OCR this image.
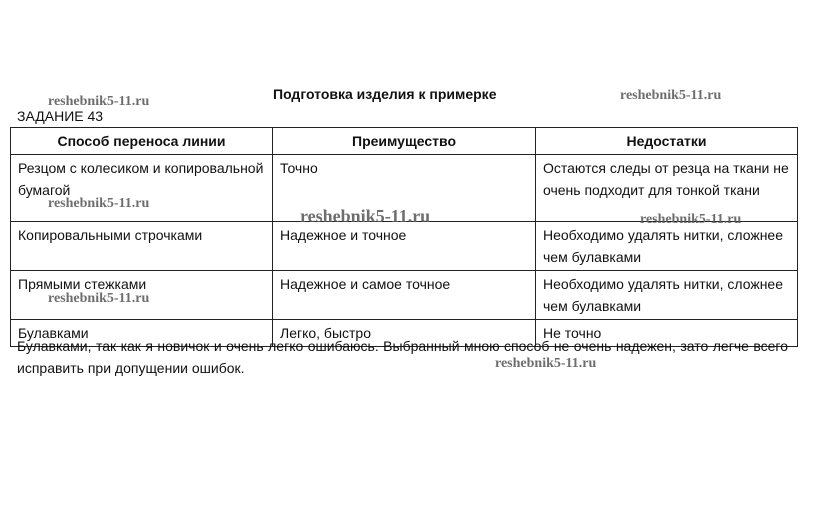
Подготовка изделия к примерке
ЗАДАНИЕ 43
Способ переноса линии	Преимущество	Недостатки
Резцом с колесиком и копировальной бумагой	Точно	Остаются следы от резца на ткани не очень подходит для тонкой ткани
Копировальными строчками	Надежное и точное	Необходимо удалять нитки, сложнее чем булавками
Прямыми стежками	Надежное и самое точное	Необходимо удалять нитки, сложнее чем булавками
Булавками	Легко, быстро	Не точно
Булавками, так как я новичок и очень легко ошибаюсь. Выбранный мною способ не очень надежен, зато легче всего исправить при допущении ошибок.
reshebnik5-11.ru	reshebnik5-11.ru
reshebnik5-11.ru
reshebnik5-11.ru	reshebnik5-11.ru
reshebnik5-11.ru
reshebnik5-11.ru
